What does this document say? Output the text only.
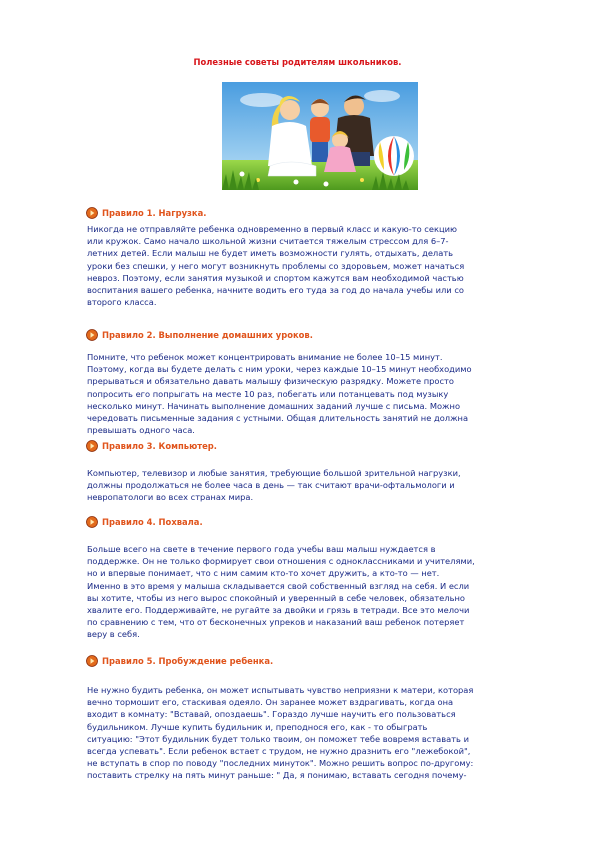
Полезные советы родителям школьников.
Правило 1. Нагрузка.
Никогда не отправляйте ребенка одновременно в первый класс и какую-то секцию
или кружок. Само начало школьной жизни считается тяжелым стрессом для 6–7-
летних детей. Если малыш не будет иметь возможности гулять, отдыхать, делать
уроки без спешки, у него могут возникнуть проблемы со здоровьем, может начаться
невроз. Поэтому, если занятия музыкой и спортом кажутся вам необходимой частью
воспитания вашего ребенка, начните водить его туда за год до начала учебы или со
второго класса.
Правило 2. Выполнение домашних уроков.
Помните, что ребенок может концентрировать внимание не более 10–15 минут.
Поэтому, когда вы будете делать с ним уроки, через каждые 10–15 минут необходимо
прерываться и обязательно давать малышу физическую разрядку. Можете просто
попросить его попрыгать на месте 10 раз, побегать или потанцевать под музыку
несколько минут. Начинать выполнение домашних заданий лучше с письма. Можно
чередовать письменные задания с устными. Общая длительность занятий не должна
превышать одного часа.
Правило 3. Компьютер.
Компьютер, телевизор и любые занятия, требующие большой зрительной нагрузки,
должны продолжаться не более часа в день — так считают врачи-офтальмологи и
невропатологи во всех странах мира.
Правило 4. Похвала.
Больше всего на свете в течение первого года учебы ваш малыш нуждается в
поддержке. Он не только формирует свои отношения с одноклассниками и учителями,
но и впервые понимает, что с ним самим кто-то хочет дружить, а кто-то — нет.
Именно в это время у малыша складывается свой собственный взгляд на себя. И если
вы хотите, чтобы из него вырос спокойный и уверенный в себе человек, обязательно
хвалите его. Поддерживайте, не ругайте за двойки и грязь в тетради. Все это мелочи
по сравнению с тем, что от бесконечных упреков и наказаний ваш ребенок потеряет
веру в себя.
Правило 5. Пробуждение ребенка.
Не нужно будить ребенка, он может испытывать чувство неприязни к матери, которая
вечно тормошит его, стаскивая одеяло. Он заранее может вздрагивать, когда она
входит в комнату: "Вставай, опоздаешь". Гораздо лучше научить его пользоваться
будильником. Лучше купить будильник и, преподнося его, как - то обыграть
ситуацию: "Этот будильник будет только твоим, он поможет тебе вовремя вставать и
всегда успевать". Если ребенок встает с трудом, не нужно дразнить его "лежебокой",
не вступать в спор по поводу "последних минуток". Можно решить вопрос по-другому:
поставить стрелку на пять минут раньше: " Да, я понимаю, вставать сегодня почему-
